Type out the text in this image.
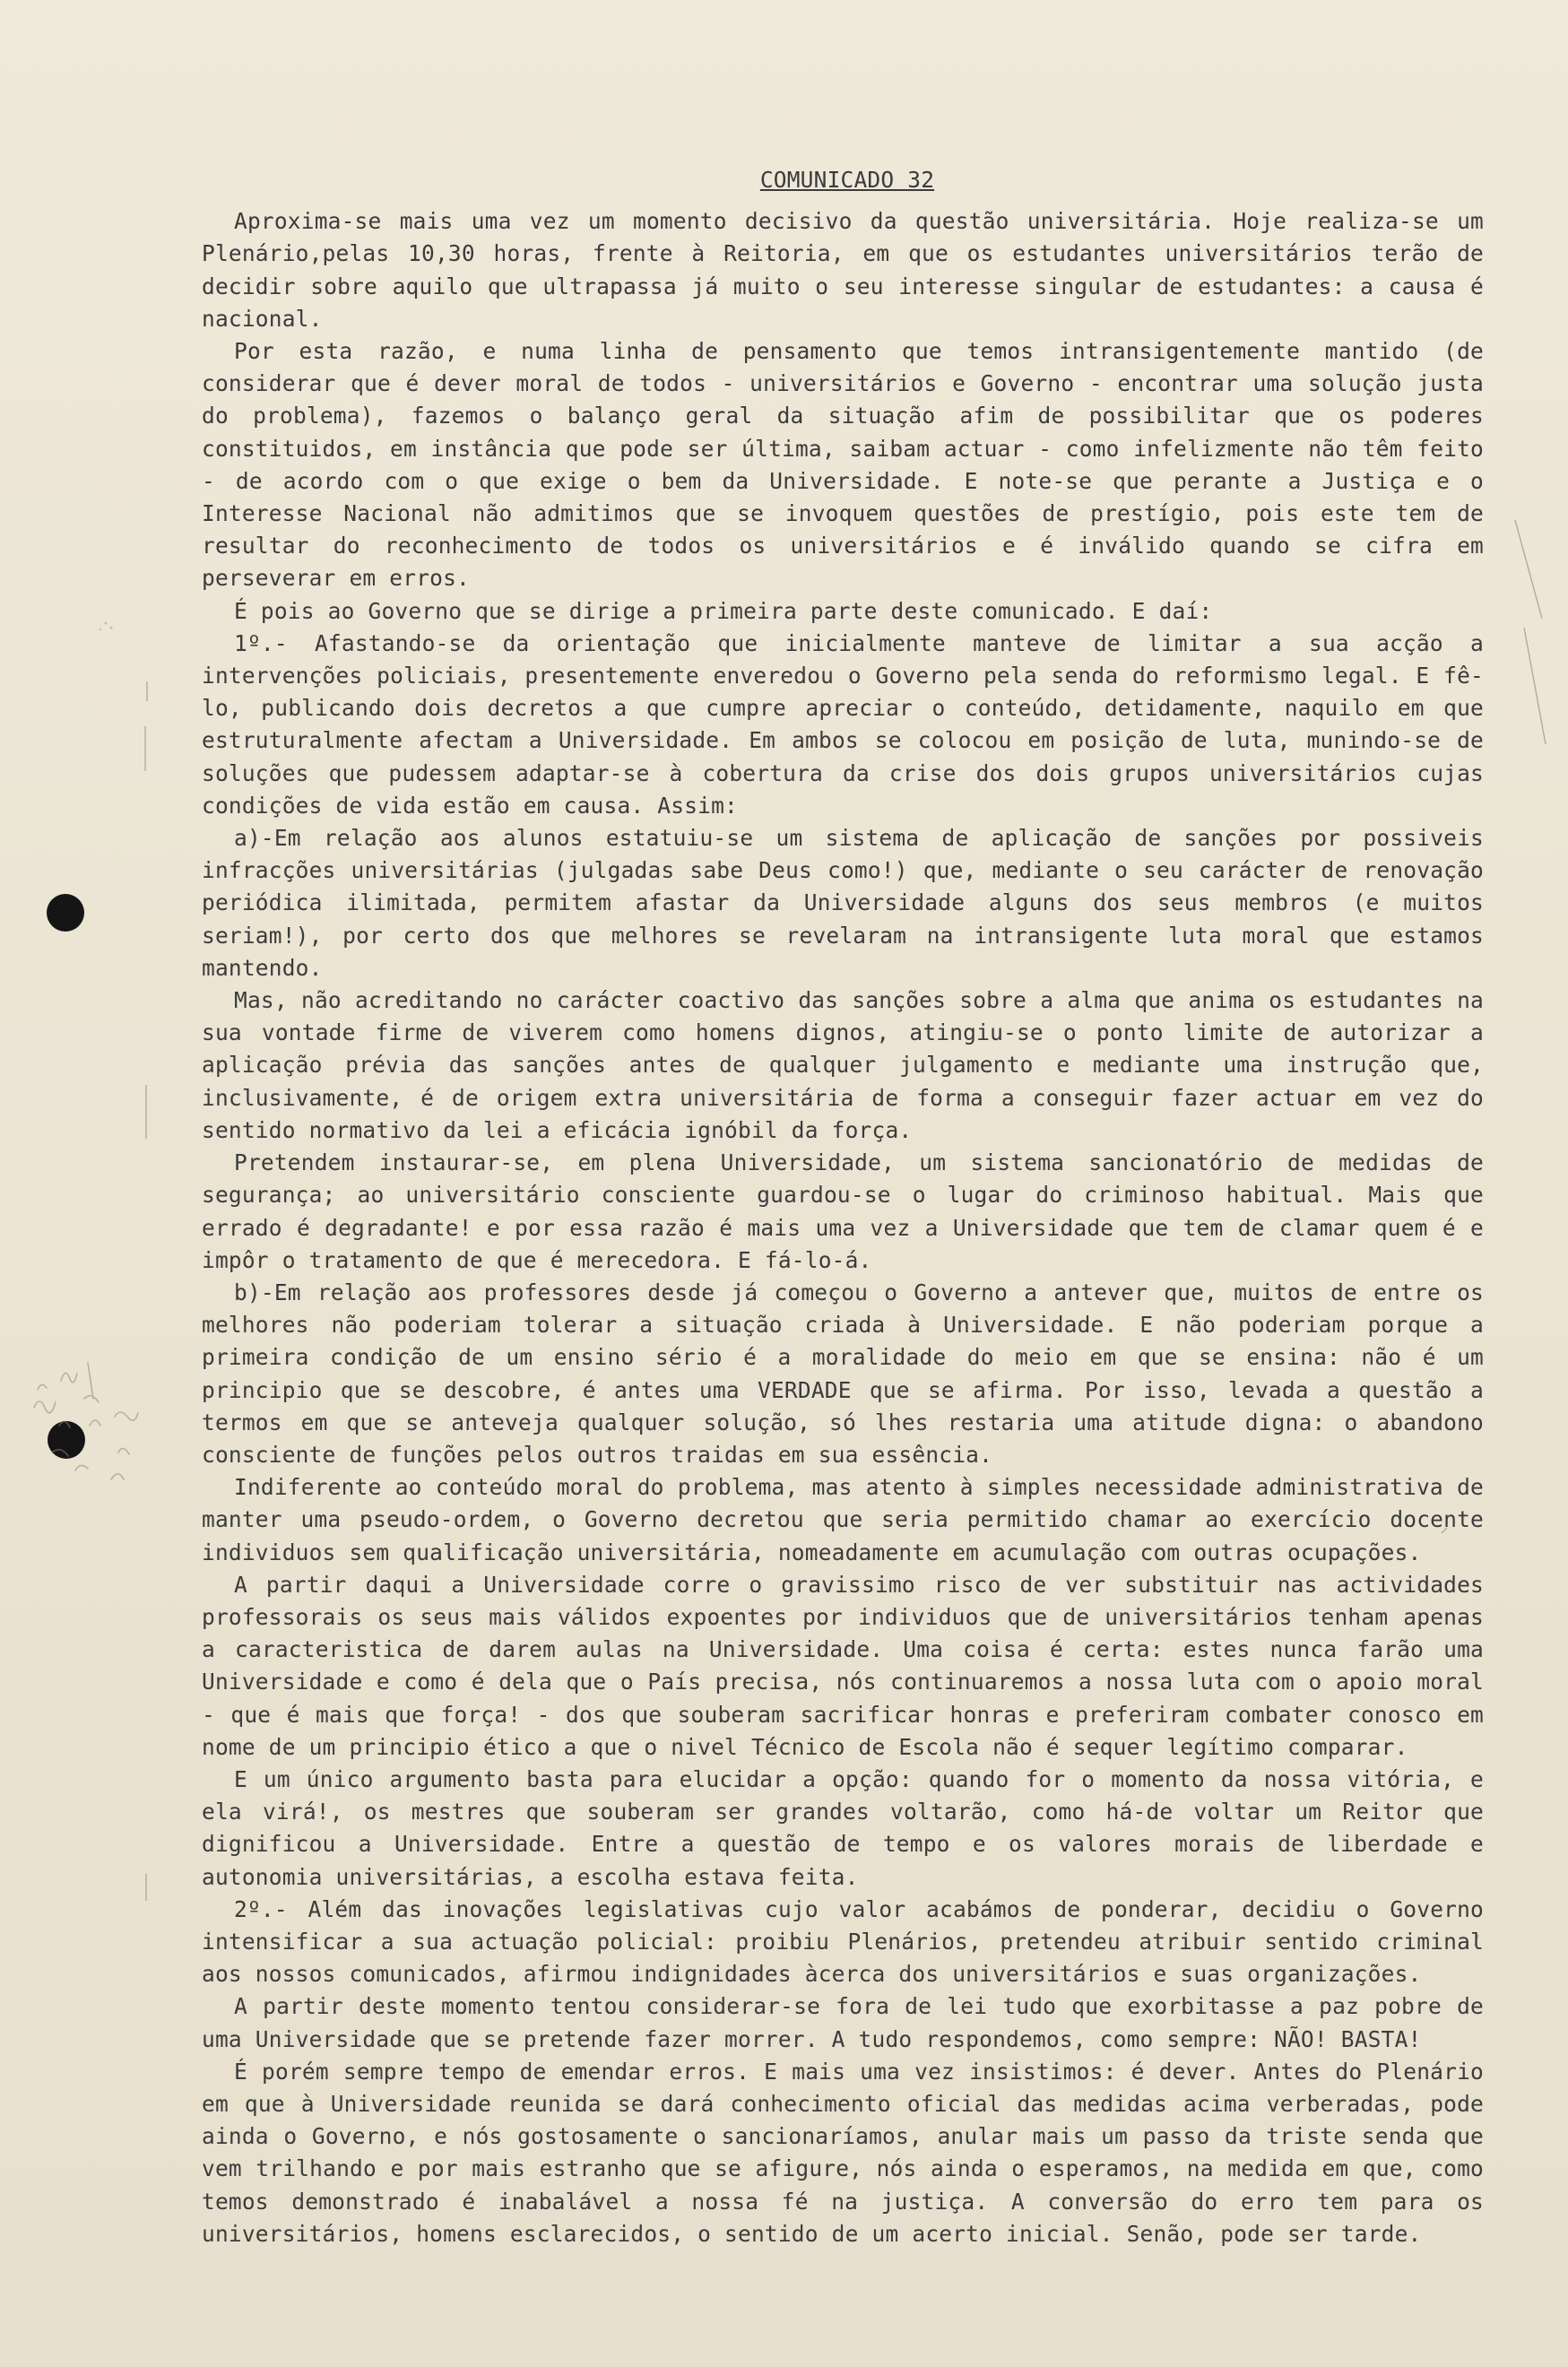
COMUNICADO 32

Aproxima-se mais uma vez um momento decisivo da questão universitária. Hoje realiza-se um Plenário,pelas 10,30 horas, frente à Reitoria, em que os estudantes universitários terão de decidir sobre aquilo que ultrapassa já muito o seu interesse singular de estudantes: a causa é nacional.

Por esta razão, e numa linha de pensamento que temos intransigentemente mantido (de considerar que é dever moral de todos - universitários e Governo - encontrar uma solução justa do problema), fazemos o balanço geral da situação afim de possibilitar que os poderes constituidos, em instância que pode ser última, saibam actuar - como infelizmente não têm feito - de acordo com o que exige o bem da Universidade. E note-se que perante a Justiça e o Interesse Nacional não admitimos que se invoquem questões de prestígio, pois este tem de resultar do reconhecimento de todos os universitários e é inválido quando se cifra em perseverar em erros.

É pois ao Governo que se dirige a primeira parte deste comunicado. E daí:

1º.- Afastando-se da orientação que inicialmente manteve de limitar a sua acção a intervenções policiais, presentemente enveredou o Governo pela senda do reformismo legal. E fê-lo, publicando dois decretos a que cumpre apreciar o conteúdo, detidamente, naquilo em que estruturalmente afectam a Universidade. Em ambos se colocou em posição de luta, munindo-se de soluções que pudessem adaptar-se à cobertura da crise dos dois grupos universitários cujas condições de vida estão em causa. Assim:

a)-Em relação aos alunos estatuiu-se um sistema de aplicação de sanções por possiveis infracções universitárias (julgadas sabe Deus como!) que, mediante o seu carácter de renovação periódica ilimitada, permitem afastar da Universidade alguns dos seus membros (e muitos seriam!), por certo dos que melhores se revelaram na intransigente luta moral que estamos mantendo.

Mas, não acreditando no carácter coactivo das sanções sobre a alma que anima os estudantes na sua vontade firme de viverem como homens dignos, atingiu-se o ponto limite de autorizar a aplicação prévia das sanções antes de qualquer julgamento e mediante uma instrução que, inclusivamente, é de origem extra universitária de forma a conseguir fazer actuar em vez do sentido normativo da lei a eficácia ignóbil da força.

Pretendem instaurar-se, em plena Universidade, um sistema sancionatório de medidas de segurança; ao universitário consciente guardou-se o lugar do criminoso habitual. Mais que errado é degradante! e por essa razão é mais uma vez a Universidade que tem de clamar quem é e impôr o tratamento de que é merecedora. E fá-lo-á.

b)-Em relação aos professores desde já começou o Governo a antever que, muitos de entre os melhores não poderiam tolerar a situação criada à Universidade. E não poderiam porque a primeira condição de um ensino sério é a moralidade do meio em que se ensina: não é um principio que se descobre, é antes uma VERDADE que se afirma. Por isso, levada a questão a termos em que se anteveja qualquer solução, só lhes restaria uma atitude digna: o abandono consciente de funções pelos outros traidas em sua essência.

Indiferente ao conteúdo moral do problema, mas atento à simples necessidade administrativa de manter uma pseudo-ordem, o Governo decretou que seria permitido chamar ao exercício docente individuos sem qualificação universitária, nomeadamente em acumulação com outras ocupações.

A partir daqui a Universidade corre o gravissimo risco de ver substituir nas actividades professorais os seus mais válidos expoentes por individuos que de universitários tenham apenas a caracteristica de darem aulas na Universidade. Uma coisa é certa: estes nunca farão uma Universidade e como é dela que o País precisa, nós continuaremos a nossa luta com o apoio moral - que é mais que força! - dos que souberam sacrificar honras e preferiram combater conosco em nome de um principio ético a que o nivel Técnico de Escola não é sequer legítimo comparar.

E um único argumento basta para elucidar a opção: quando for o momento da nossa vitória, e ela virá!, os mestres que souberam ser grandes voltarão, como há-de voltar um Reitor que dignificou a Universidade. Entre a questão de tempo e os valores morais de liberdade e autonomia universitárias, a escolha estava feita.

2º.- Além das inovações legislativas cujo valor acabámos de ponderar, decidiu o Governo intensificar a sua actuação policial: proibiu Plenários, pretendeu atribuir sentido criminal aos nossos comunicados, afirmou indignidades àcerca dos universitários e suas organizações.

A partir deste momento tentou considerar-se fora de lei tudo que exorbitasse a paz pobre de uma Universidade que se pretende fazer morrer. A tudo respondemos, como sempre: NÃO! BASTA!

É porém sempre tempo de emendar erros. E mais uma vez insistimos: é dever. Antes do Plenário em que à Universidade reunida se dará conhecimento oficial das medidas acima verberadas, pode ainda o Governo, e nós gostosamente o sancionaríamos, anular mais um passo da triste senda que vem trilhando e por mais estranho que se afigure, nós ainda o esperamos, na medida em que, como temos demonstrado é inabalável a nossa fé na justiça. A conversão do erro tem para os universitários, homens esclarecidos, o sentido de um acerto inicial. Senão, pode ser tarde.
